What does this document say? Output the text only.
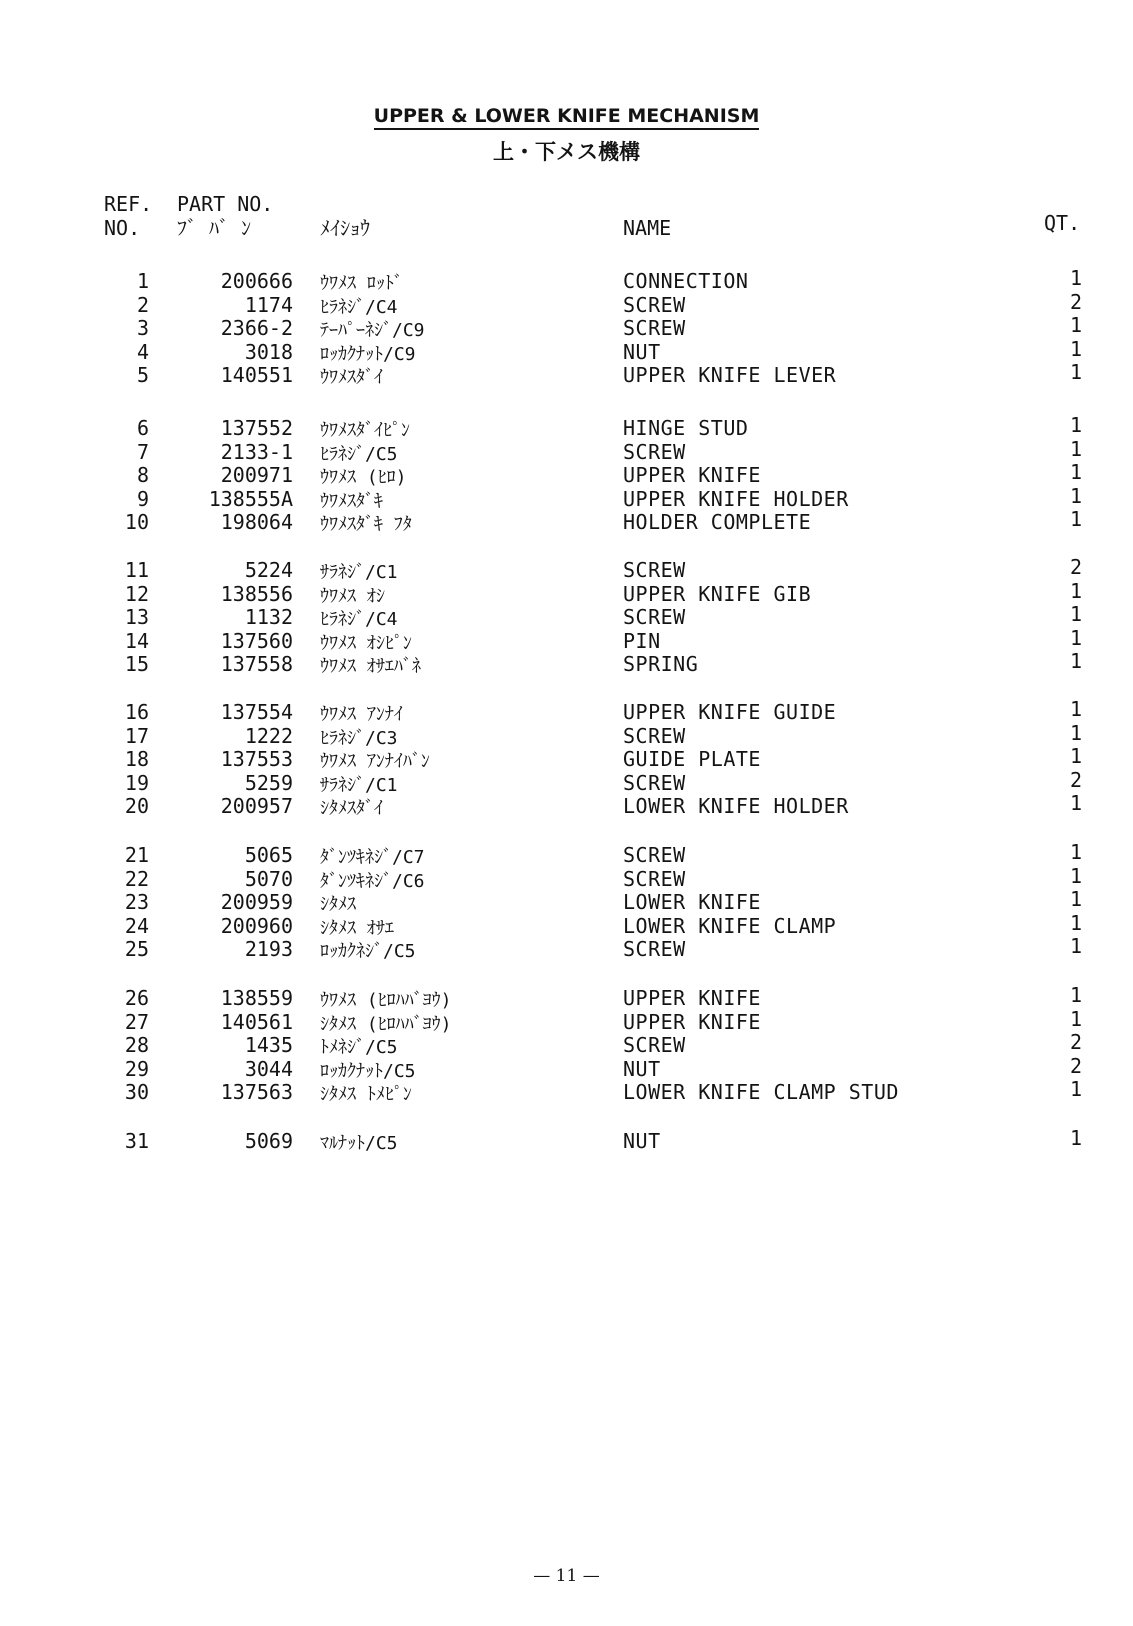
UPPER & LOWER KNIFE MECHANISM
上・下メス機構
REF.
NO.
PART NO.
ﾌﾞ ﾊﾞ ﾝ	ﾒｲｼｮｳ	NAME	QT.
1	200666 ｳﾜﾒｽ ﾛｯﾄﾞ	CONNECTION	1
2	1174 ﾋﾗﾈｼﾞ/C4	SCREW	2
3	2366-2 ﾃｰﾊﾟｰﾈｼﾞ/C9	SCREW	1
4	3018 ﾛｯｶｸﾅｯﾄ/C9	NUT	1
5	140551 ｳﾜﾒｽﾀﾞｲ	UPPER KNIFE LEVER	1
6	137552 ｳﾜﾒｽﾀﾞｲﾋﾟﾝ	HINGE STUD	1
7	2133-1 ﾋﾗﾈｼﾞ/C5	SCREW	1
8	200971 ｳﾜﾒｽ (ﾋﾛ)	UPPER KNIFE	1
9	138555A ｳﾜﾒｽﾀﾞｷ	UPPER KNIFE HOLDER	1
10	198064 ｳﾜﾒｽﾀﾞｷ ﾌﾀ	HOLDER COMPLETE	1
11	5224 ｻﾗﾈｼﾞ/C1	SCREW	2
12	138556 ｳﾜﾒｽ ｵｼ	UPPER KNIFE GIB	1
13	1132 ﾋﾗﾈｼﾞ/C4	SCREW	1
14	137560 ｳﾜﾒｽ ｵｼﾋﾟﾝ	PIN	1
15	137558 ｳﾜﾒｽ ｵｻｴﾊﾞﾈ	SPRING	1
16	137554 ｳﾜﾒｽ ｱﾝﾅｲ	UPPER KNIFE GUIDE	1
17	1222 ﾋﾗﾈｼﾞ/C3	SCREW	1
18	137553 ｳﾜﾒｽ ｱﾝﾅｲﾊﾞﾝ	GUIDE PLATE	1
19	5259 ｻﾗﾈｼﾞ/C1	SCREW	2
20	200957 ｼﾀﾒｽﾀﾞｲ	LOWER KNIFE HOLDER	1
21	5065 ﾀﾞﾝﾂｷﾈｼﾞ/C7	SCREW	1
22	5070 ﾀﾞﾝﾂｷﾈｼﾞ/C6	SCREW	1
23	200959 ｼﾀﾒｽ	LOWER KNIFE	1
24	200960 ｼﾀﾒｽ ｵｻｴ	LOWER KNIFE CLAMP	1
25	2193 ﾛｯｶｸﾈｼﾞ/C5	SCREW	1
26	138559 ｳﾜﾒｽ (ﾋﾛﾊﾊﾞﾖｳ)	UPPER KNIFE	1
27	140561 ｼﾀﾒｽ (ﾋﾛﾊﾊﾞﾖｳ)	UPPER KNIFE	1
28	1435 ﾄﾒﾈｼﾞ/C5	SCREW	2
29	3044 ﾛｯｶｸﾅｯﾄ/C5	NUT	2
30	137563 ｼﾀﾒｽ ﾄﾒﾋﾟﾝ	LOWER KNIFE CLAMP STUD	1
31	5069 ﾏﾙﾅｯﾄ/C5	NUT	1
— 11 —
